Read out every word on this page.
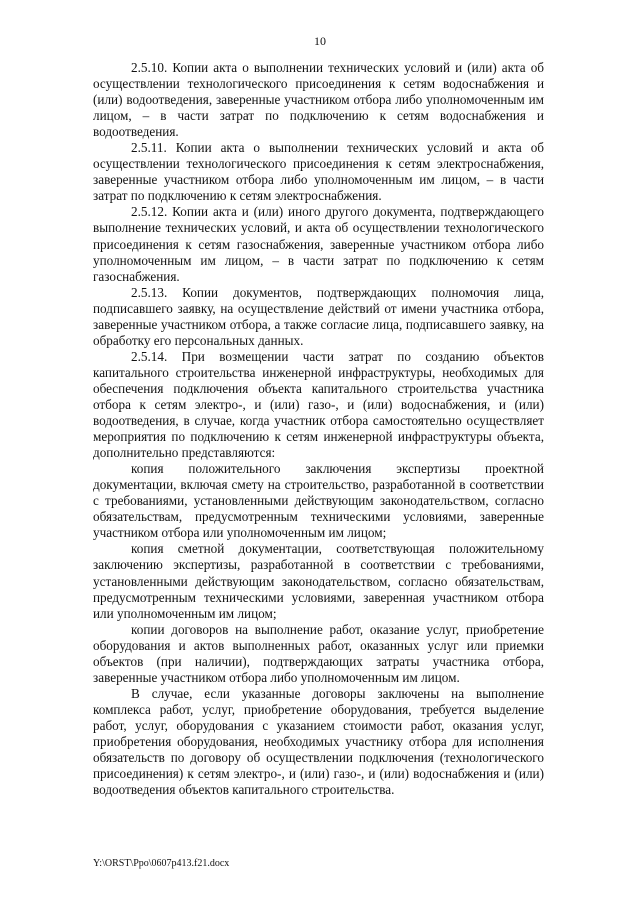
10

2.5.10. Копии акта о выполнении технических условий и (или) акта об осуществлении технологического присоединения к сетям водоснабжения и (или) водоотведения, заверенные участником отбора либо уполномоченным им лицом, – в части затрат по подключению к сетям водоснабжения и водоотведения.

2.5.11. Копии акта о выполнении технических условий и акта об осуществлении технологического присоединения к сетям электроснабжения, заверенные участником отбора либо уполномоченным им лицом, – в части затрат по подключению к сетям электроснабжения.

2.5.12. Копии акта и (или) иного другого документа, подтверждающего выполнение технических условий, и акта об осуществлении технологического присоединения к сетям газоснабжения, заверенные участником отбора либо уполномоченным им лицом, – в части затрат по подключению к сетям газоснабжения.

2.5.13. Копии документов, подтверждающих полномочия лица, подписавшего заявку, на осуществление действий от имени участника отбора, заверенные участником отбора, а также согласие лица, подписавшего заявку, на обработку его персональных данных.

2.5.14. При возмещении части затрат по созданию объектов капитального строительства инженерной инфраструктуры, необходимых для обеспечения подключения объекта капитального строительства участника отбора к сетям электро-, и (или) газо-, и (или) водоснабжения, и (или) водоотведения, в случае, когда участник отбора самостоятельно осуществляет мероприятия по подключению к сетям инженерной инфраструктуры объекта, дополнительно представляются:

копия положительного заключения экспертизы проектной документации, включая смету на строительство, разработанной в соответствии с требованиями, установленными действующим законодательством, согласно обязательствам, предусмотренным техническими условиями, заверенные участником отбора или уполномоченным им лицом;

копия сметной документации, соответствующая положительному заключению экспертизы, разработанной в соответствии с требованиями, установленными действующим законодательством, согласно обязательствам, предусмотренным техническими условиями, заверенная участником отбора или уполномоченным им лицом;

копии договоров на выполнение работ, оказание услуг, приобретение оборудования и актов выполненных работ, оказанных услуг или приемки объектов (при наличии), подтверждающих затраты участника отбора, заверенные участником отбора либо уполномоченным им лицом.

В случае, если указанные договоры заключены на выполнение комплекса работ, услуг, приобретение оборудования, требуется выделение работ, услуг, оборудования с указанием стоимости работ, оказания услуг, приобретения оборудования, необходимых участнику отбора для исполнения обязательств по договору об осуществлении подключения (технологического присоединения) к сетям электро-, и (или) газо-, и (или) водоснабжения и (или) водоотведения объектов капитального строительства.

Y:\ORST\Ppo\0607p413.f21.docx
